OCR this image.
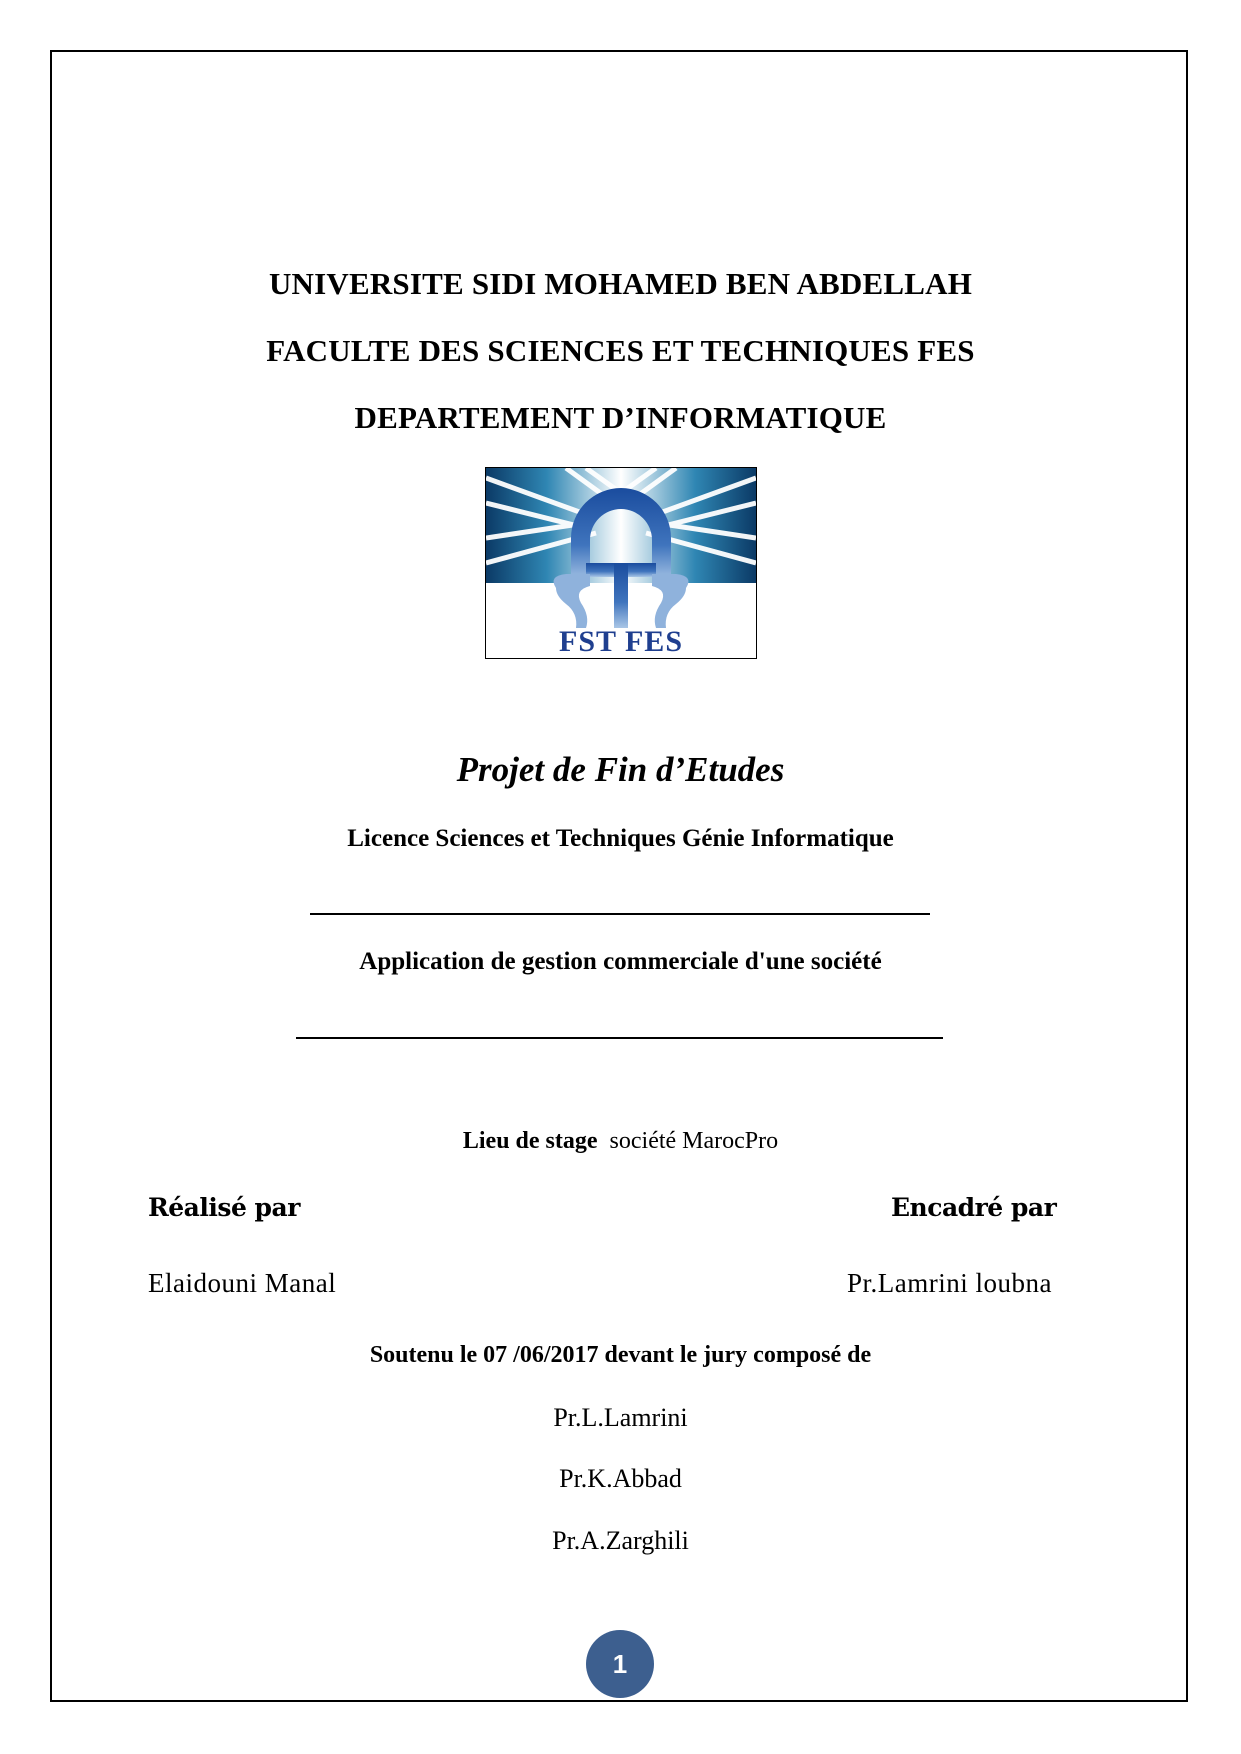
UNIVERSITE SIDI MOHAMED BEN ABDELLAH
FACULTE DES SCIENCES ET TECHNIQUES FES
DEPARTEMENT D’INFORMATIQUE
FST FES
Projet de Fin d’Etudes
Licence Sciences et Techniques Génie Informatique
Application de gestion commerciale d'une société
Lieu de stage société MarocPro
Réalisé par	Encadré par
Elaidouni Manal	Pr.Lamrini loubna
Soutenu le 07 /06/2017 devant le jury composé de
Pr.L.Lamrini
Pr.K.Abbad
Pr.A.Zarghili
1
